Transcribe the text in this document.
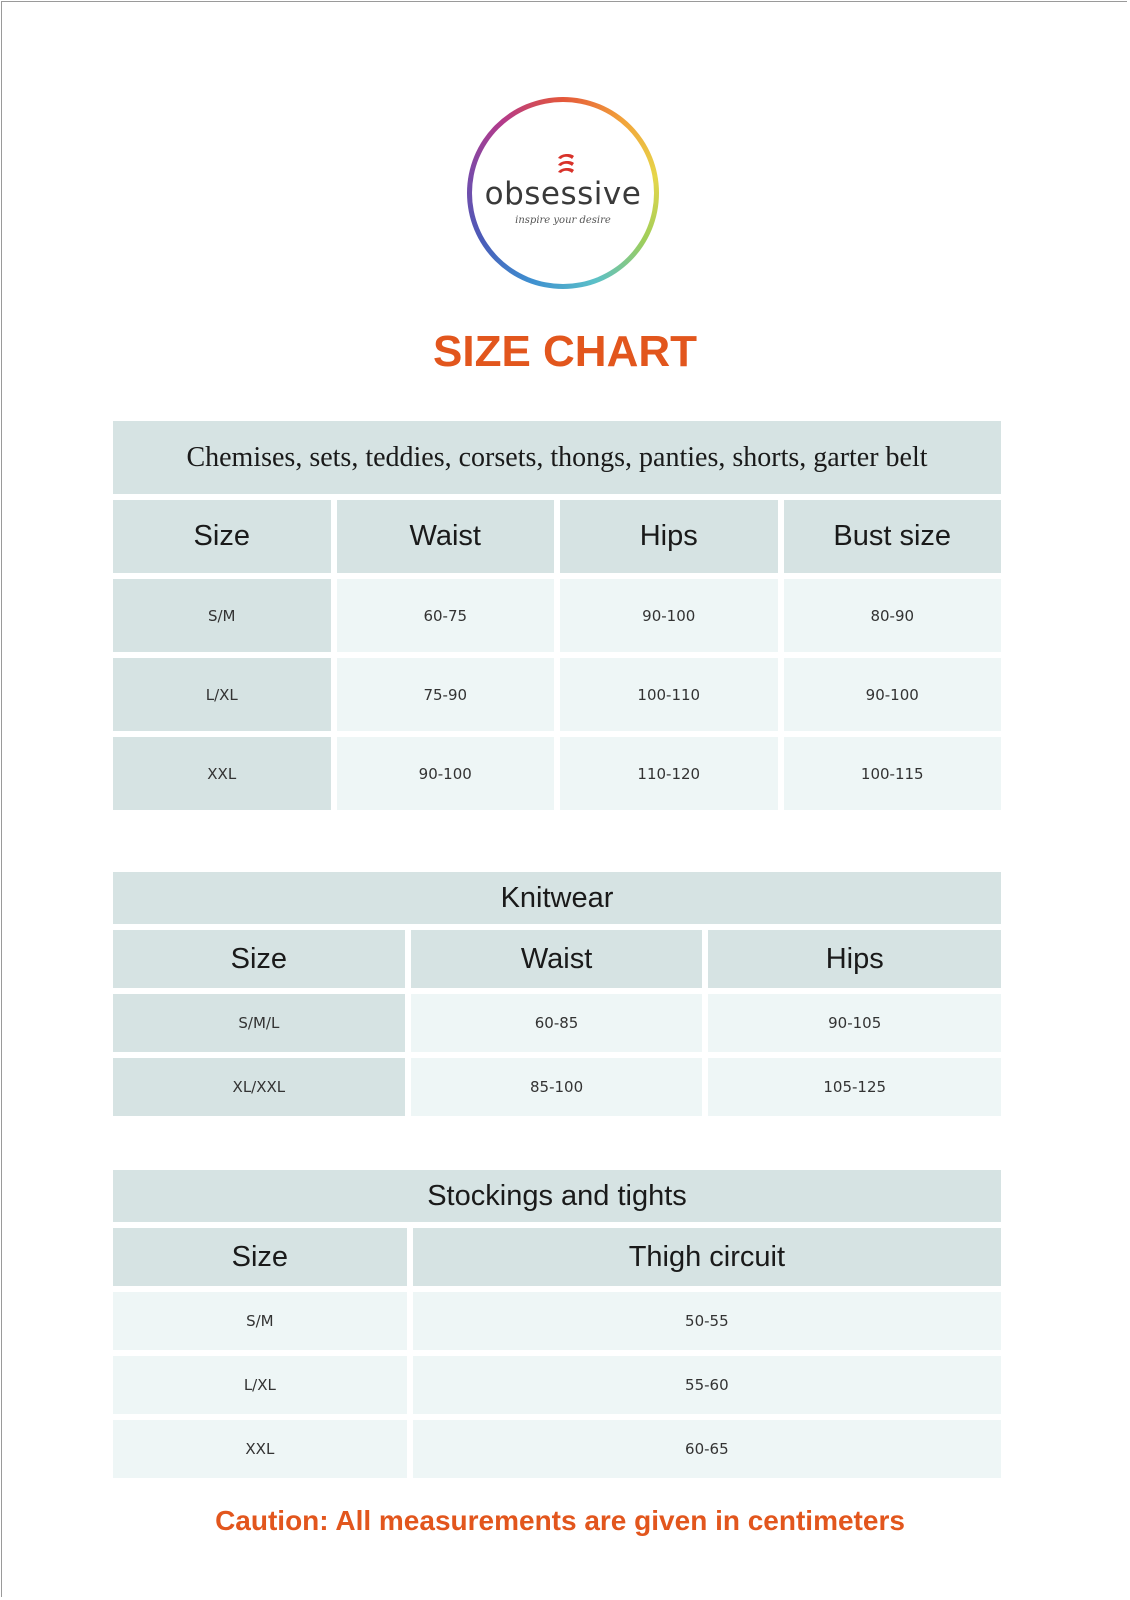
obsessive
inspire your desire
SIZE CHART
Chemises, sets, teddies, corsets, thongs, panties, shorts, garter belt			
Size	Waist	Hips	Bust size
S/M	60-75	90-100	80-90
L/XL	75-90	100-110	90-100
XXL	90-100	110-120	100-115
Knitwear		
Size	Waist	Hips
S/M/L	60-85	90-105
XL/XXL	85-100	105-125
Stockings and tights	
Size	Thigh circuit
S/M	50-55
L/XL	55-60
XXL	60-65
Caution: All measurements are given in centimeters
